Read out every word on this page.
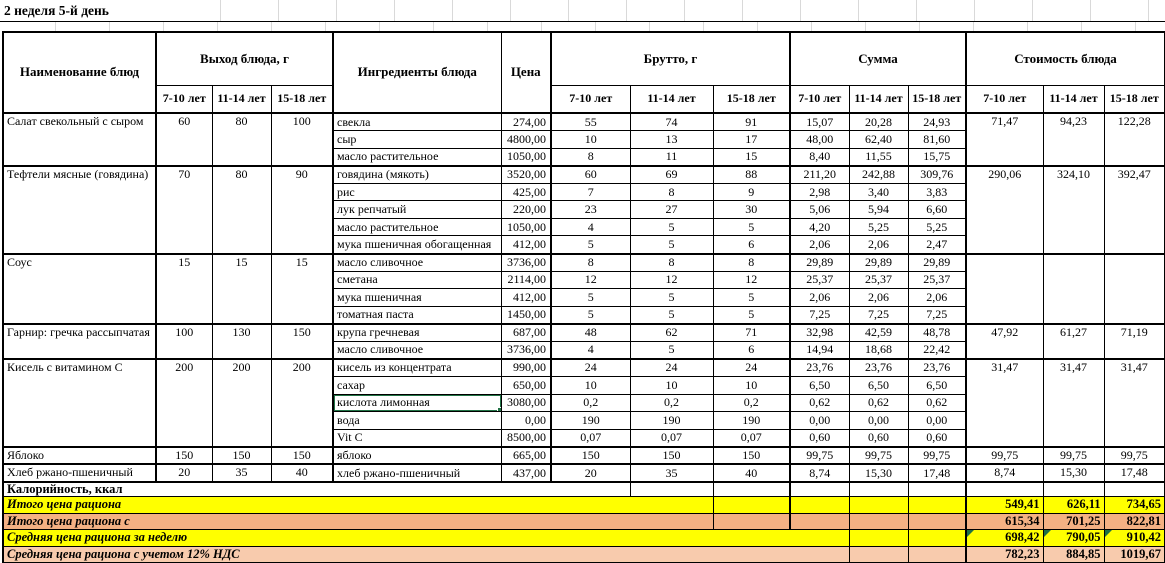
2 неделя 5-й день
Наименование блюд	Выход блюда, г			Ингредиенты блюда	Цена	Брутто, г			Сумма			Стоимость блюда		
	7-10 лет	11-14 лет	15-18 лет			7-10 лет	11-14 лет	15-18 лет	7-10 лет	11-14 лет	15-18 лет	7-10 лет	11-14 лет	15-18 лет
Салат свекольный с сыром	60	80	100	свекла	274,00	55	74	91	15,07	20,28	24,93	71,47	94,23	122,28
				сыр	4800,00	10	13	17	48,00	62,40	81,60			
				масло растительное	1050,00	8	11	15	8,40	11,55	15,75			
Тефтели мясные (говядина)	70	80	90	говядина (мякоть)	3520,00	60	69	88	211,20	242,88	309,76	290,06	324,10	392,47
				рис	425,00	7	8	9	2,98	3,40	3,83			
				лук репчатый	220,00	23	27	30	5,06	5,94	6,60			
				масло растительное	1050,00	4	5	5	4,20	5,25	5,25			
				мука пшеничная обогащенная	412,00	5	5	6	2,06	2,06	2,47			
Соус	15	15	15	масло сливочное	3736,00	8	8	8	29,89	29,89	29,89			
				сметана	2114,00	12	12	12	25,37	25,37	25,37			
				мука пшеничная	412,00	5	5	5	2,06	2,06	2,06			
				томатная паста	1450,00	5	5	5	7,25	7,25	7,25			
Гарнир: гречка рассыпчатая	100	130	150	крупа гречневая	687,00	48	62	71	32,98	42,59	48,78	47,92	61,27	71,19
				масло сливочное	3736,00	4	5	6	14,94	18,68	22,42			
Кисель с витамином С	200	200	200	кисель из концентрата	990,00	24	24	24	23,76	23,76	23,76	31,47	31,47	31,47
				сахар	650,00	10	10	10	6,50	6,50	6,50			
				кислота лимонная	3080,00	0,2	0,2	0,2	0,62	0,62	0,62			
				вода	0,00	190	190	190	0,00	0,00	0,00			
				Vit C	8500,00	0,07	0,07	0,07	0,60	0,60	0,60			
Яблоко	150	150	150	яблоко	665,00	150	150	150	99,75	99,75	99,75	99,75	99,75	99,75
Хлеб ржано-пшеничный	20	35	40	хлеб ржано-пшеничный	437,00	20	35	40	8,74	15,30	17,48	8,74	15,30	17,48
Калорийность, ккал														
Итого цена рациона												549,41	626,11	734,65
Итого цена рациона с												615,34	701,25	822,81
Средняя цена рациона за неделю												698,42	790,05	910,42
Средняя цена рациона с учетом 12% НДС												782,23	884,85	1019,67
